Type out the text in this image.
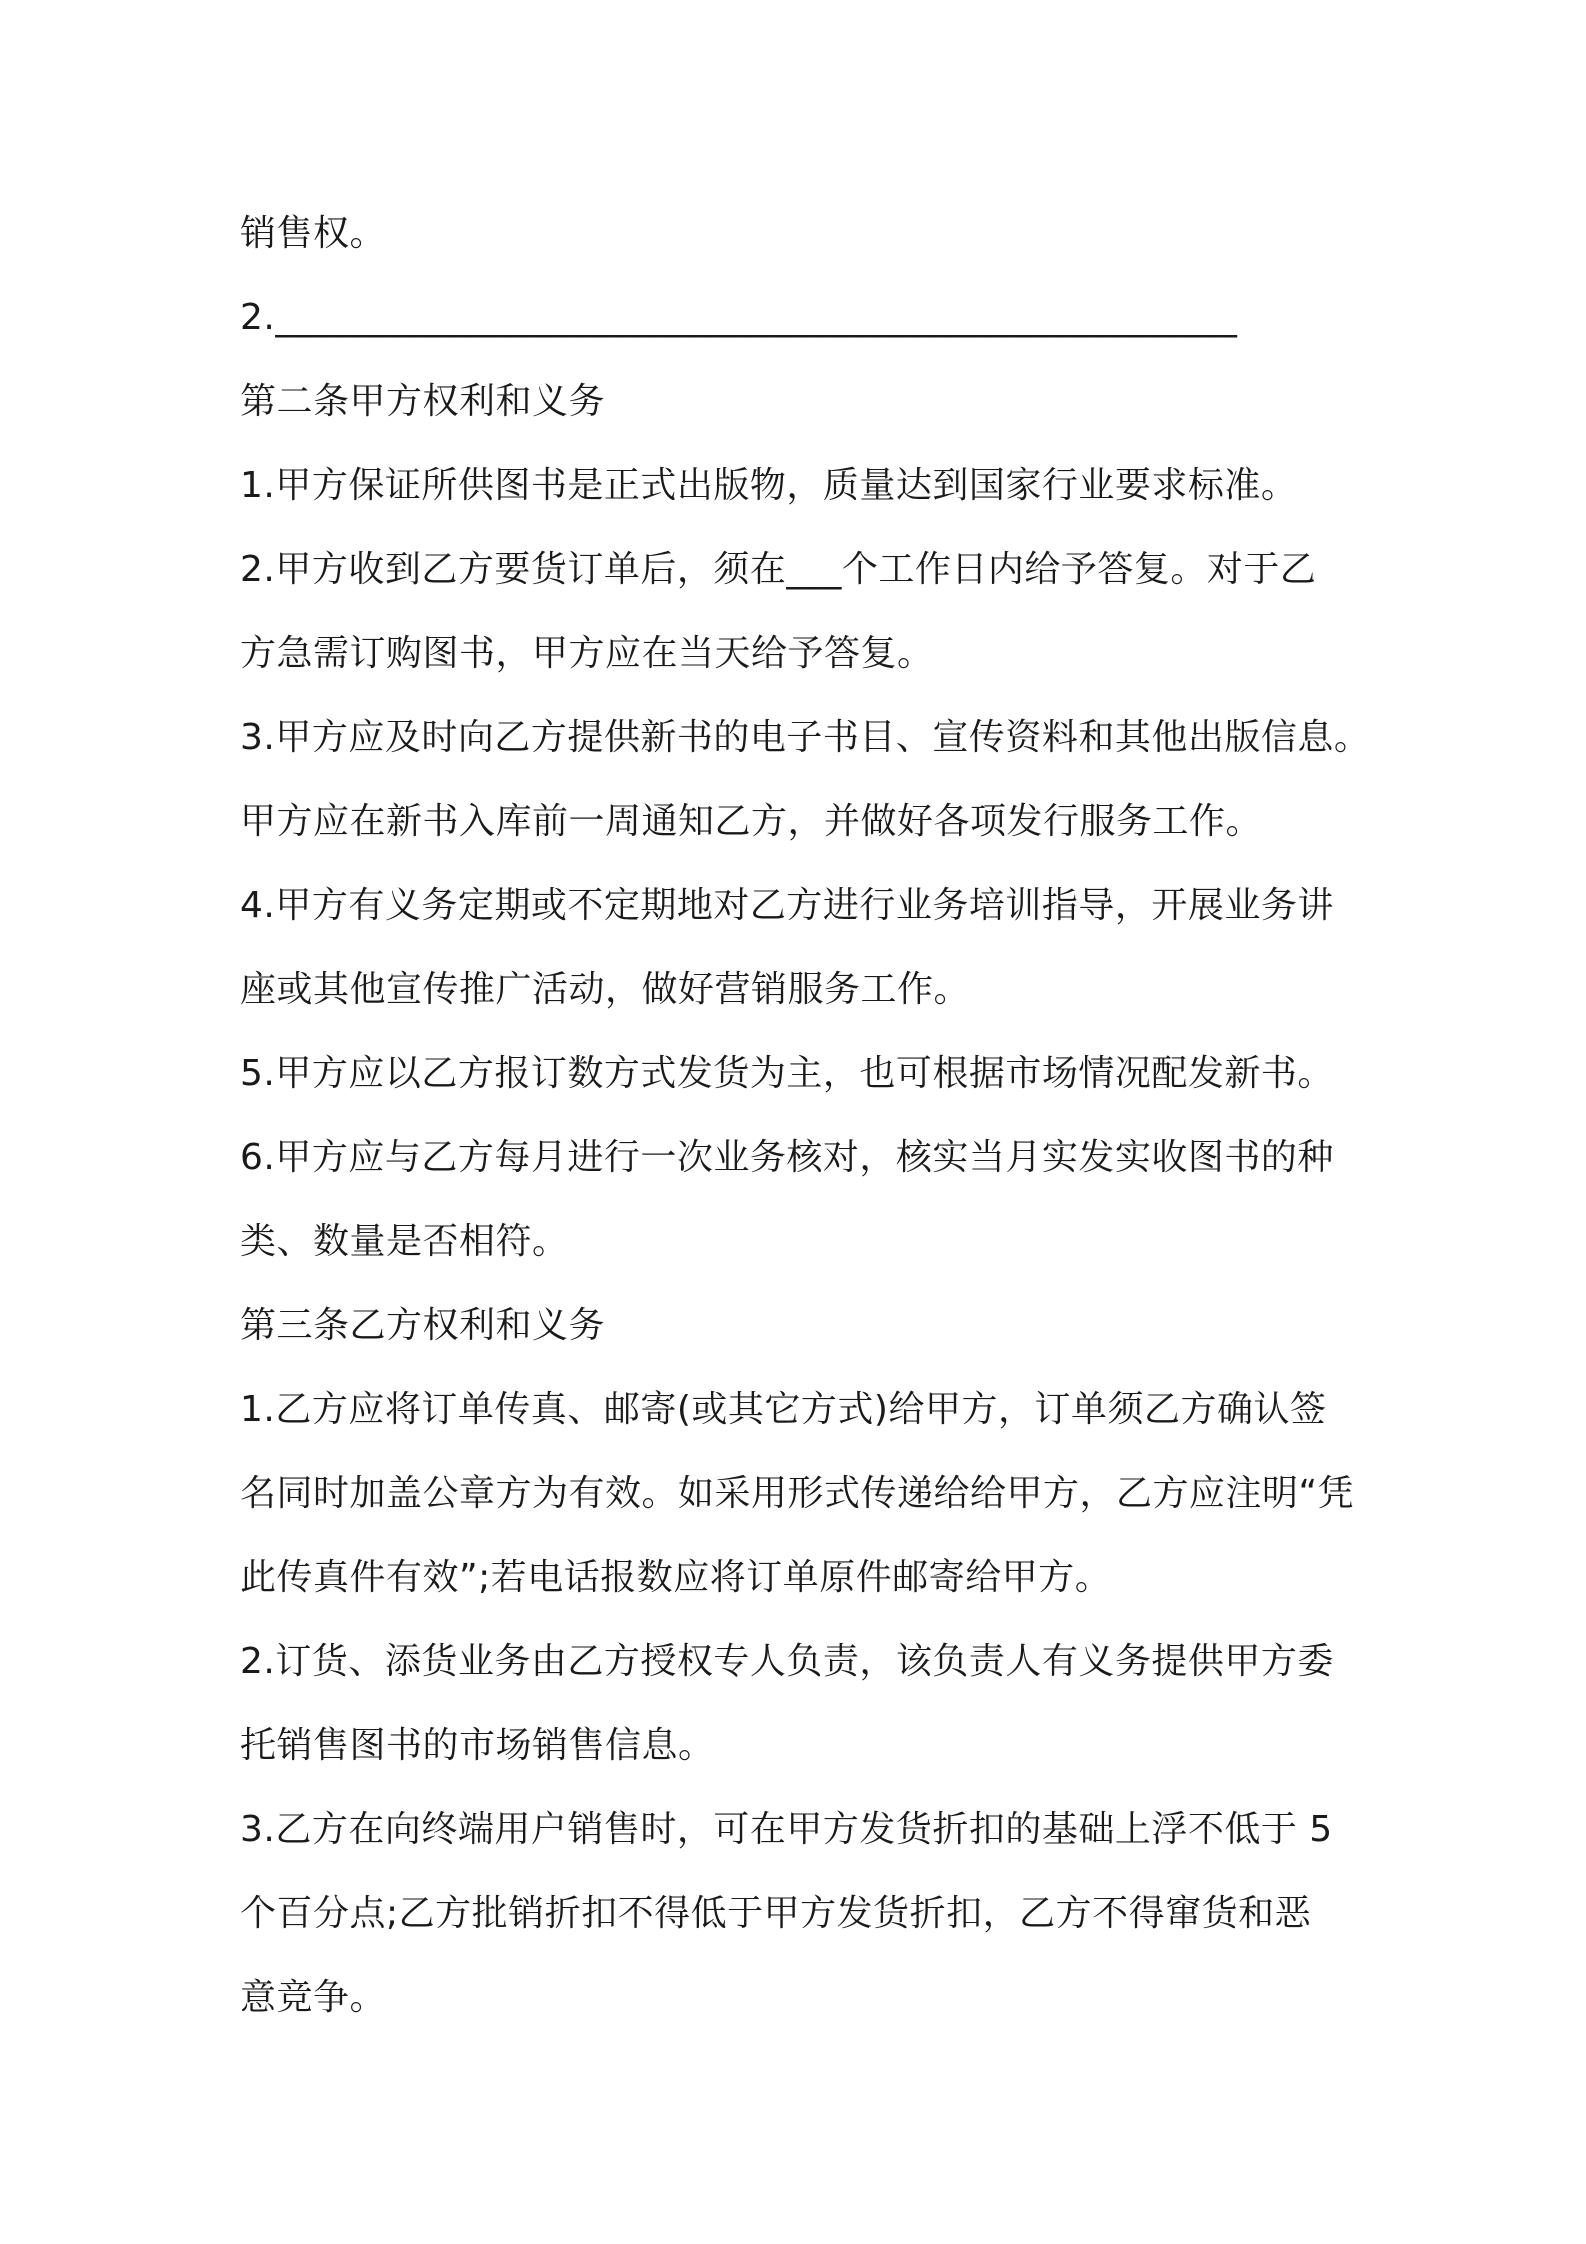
销售权。
2.____________________________________________________
第二条甲方权利和义务
1.甲方保证所供图书是正式出版物，质量达到国家行业要求标准。
2.甲方收到乙方要货订单后，须在___个工作日内给予答复。对于乙
方急需订购图书，甲方应在当天给予答复。
3.甲方应及时向乙方提供新书的电子书目、宣传资料和其他出版信息。
甲方应在新书入库前一周通知乙方，并做好各项发行服务工作。
4.甲方有义务定期或不定期地对乙方进行业务培训指导，开展业务讲
座或其他宣传推广活动，做好营销服务工作。
5.甲方应以乙方报订数方式发货为主，也可根据市场情况配发新书。
6.甲方应与乙方每月进行一次业务核对，核实当月实发实收图书的种
类、数量是否相符。
第三条乙方权利和义务
1.乙方应将订单传真、邮寄(或其它方式)给甲方，订单须乙方确认签
名同时加盖公章方为有效。如采用形式传递给给甲方，乙方应注明“凭
此传真件有效”;若电话报数应将订单原件邮寄给甲方。
2.订货、添货业务由乙方授权专人负责，该负责人有义务提供甲方委
托销售图书的市场销售信息。
3.乙方在向终端用户销售时，可在甲方发货折扣的基础上浮不低于 5
个百分点;乙方批销折扣不得低于甲方发货折扣，乙方不得窜货和恶
意竞争。
